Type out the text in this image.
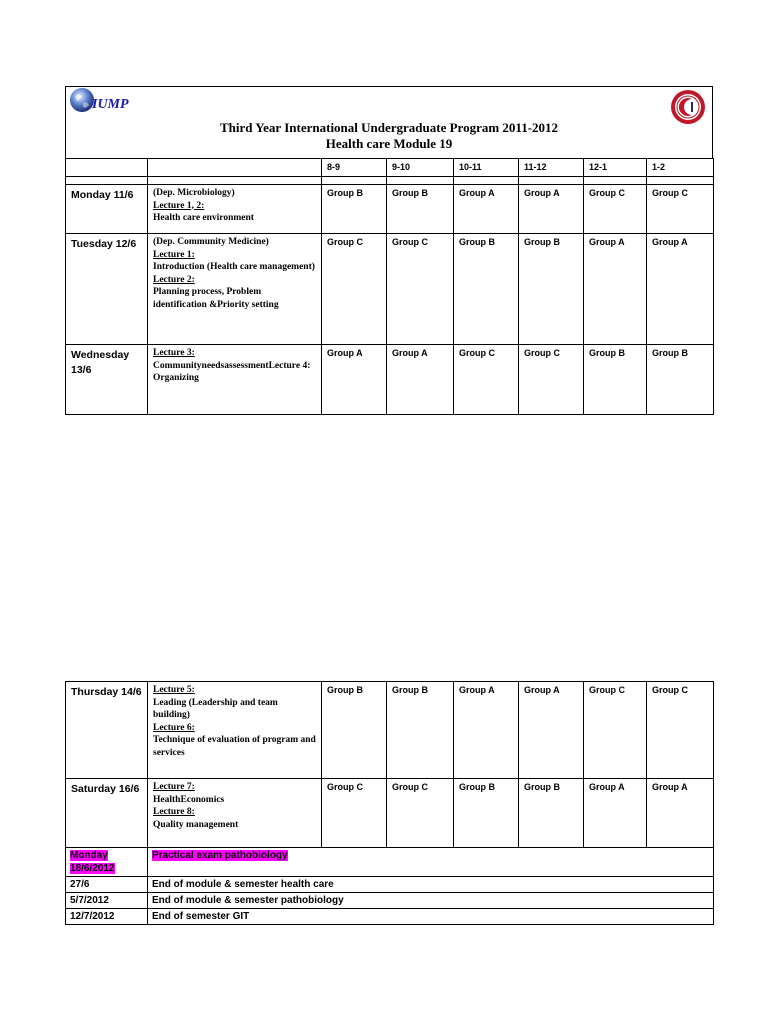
IUMP
Third Year International Undergraduate Program 2011-2012
Health care Module 19
		8-9	9-10	10-11	11-12	12-1	1-2

Monday 11/6	(Dep. Microbiology)
Lecture 1, 2:
Health care environment	Group B	Group B	Group A	Group A	Group C	Group C
Tuesday 12/6	(Dep. Community Medicine)
Lecture 1:
Introduction (Health care management)
Lecture 2:
Planning process, Problem identification &Priority setting	Group C	Group C	Group B	Group B	Group A	Group A
Wednesday 13/6	Lecture 3:
CommunityneedsassessmentLecture 4:
Organizing	Group A	Group A	Group C	Group C	Group B	Group B
Thursday 14/6	Lecture 5:
Leading (Leadership and team building)
Lecture 6:
Technique of evaluation of program and services	Group B	Group B	Group A	Group A	Group C	Group C
Saturday 16/6	Lecture 7:
HealthEconomics
Lecture 8:
Quality management	Group C	Group C	Group B	Group B	Group A	Group A
Monday 18/6/2012	Practical exam pathobiology
27/6	End of module & semester health care
5/7/2012	End of module & semester pathobiology
12/7/2012	End of semester GIT
